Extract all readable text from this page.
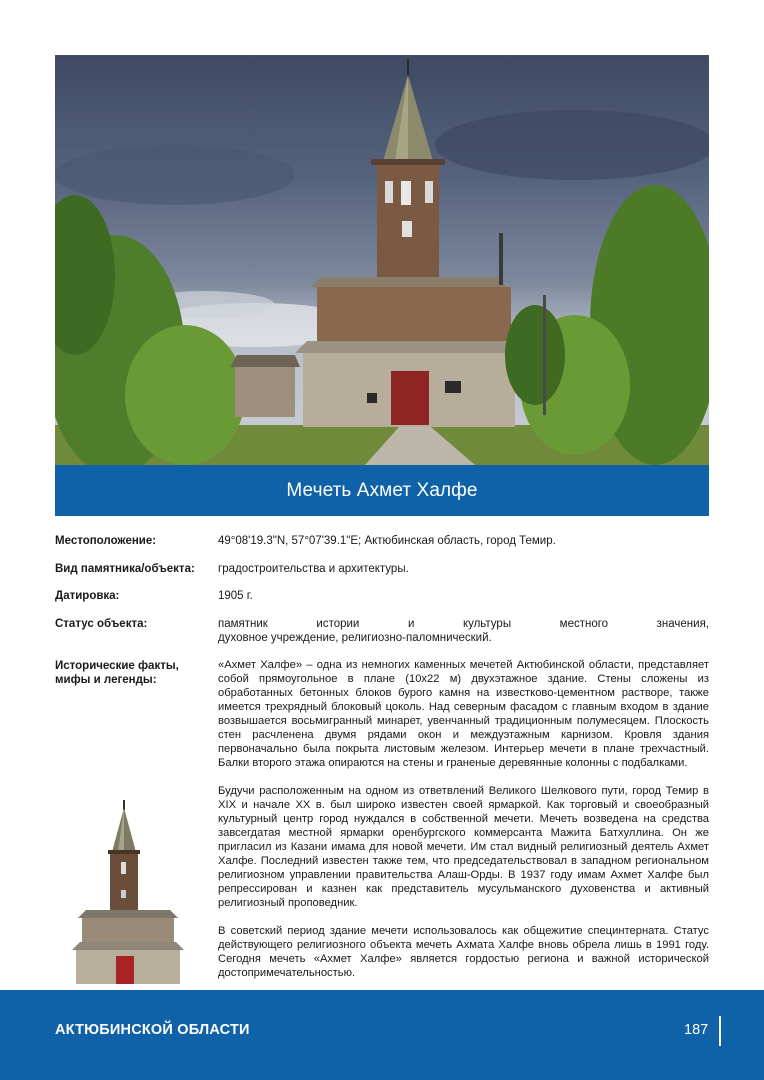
Мечеть Ахмет Халфе
Местоположение:	49°08'19.3"N, 57°07'39.1"E; Актюбинская область, город Темир.
Вид памятника/объекта:	градостроительства и архитектуры.
Датировка:	1905 г.
Статус объекта:	памятник истории и культуры местного значения,
духовное учреждение, религиозно-паломнический.
Исторические факты, мифы и легенды:

«Ахмет Халфе» – одна из немногих каменных мечетей Актюбинской области, представляет собой прямоугольное в плане (10х22 м) двухэтажное здание. Стены сложены из обработанных бетонных блоков бурого камня на известково-цементном растворе, также имеется трехрядный блоковый цоколь. Над северным фасадом с главным входом в здание возвышается восьмигранный минарет, увенчанный традиционным полумесяцем. Плоскость стен расчленена двумя рядами окон и междуэтажным карнизом. Кровля здания первоначально была покрыта листовым железом. Интерьер мечети в плане трехчастный. Балки второго этажа опираются на стены и граненые деревянные колонны с подбалками.

Будучи расположенным на одном из ответвлений Великого Шелкового пути, город Темир в XIX и начале XX в. был широко известен своей ярмаркой. Как торговый и своеобразный культурный центр город нуждался в собственной мечети. Мечеть возведена на средства завсегдатая местной ярмарки оренбургского коммерсанта Мажита Батхуллина. Он же пригласил из Казани имама для новой мечети. Им стал видный религиозный деятель Ахмет Халфе. Последний известен также тем, что председательствовал в западном региональном религиозном управлении правительства Алаш-Орды. В 1937 году имам Ахмет Халфе был репрессирован и казнен как представитель мусульманского духовенства и активный религиозный проповедник.

В советский период здание мечети использовалось как общежитие специнтерната. Статус действующего религиозного объекта мечеть Ахмата Халфе вновь обрела лишь в 1991 году. Сегодня мечеть «Ахмет Халфе» является гордостью региона и важной исторической достопримечательностью.

АКТЮБИНСКОЙ ОБЛАСТИ	187
